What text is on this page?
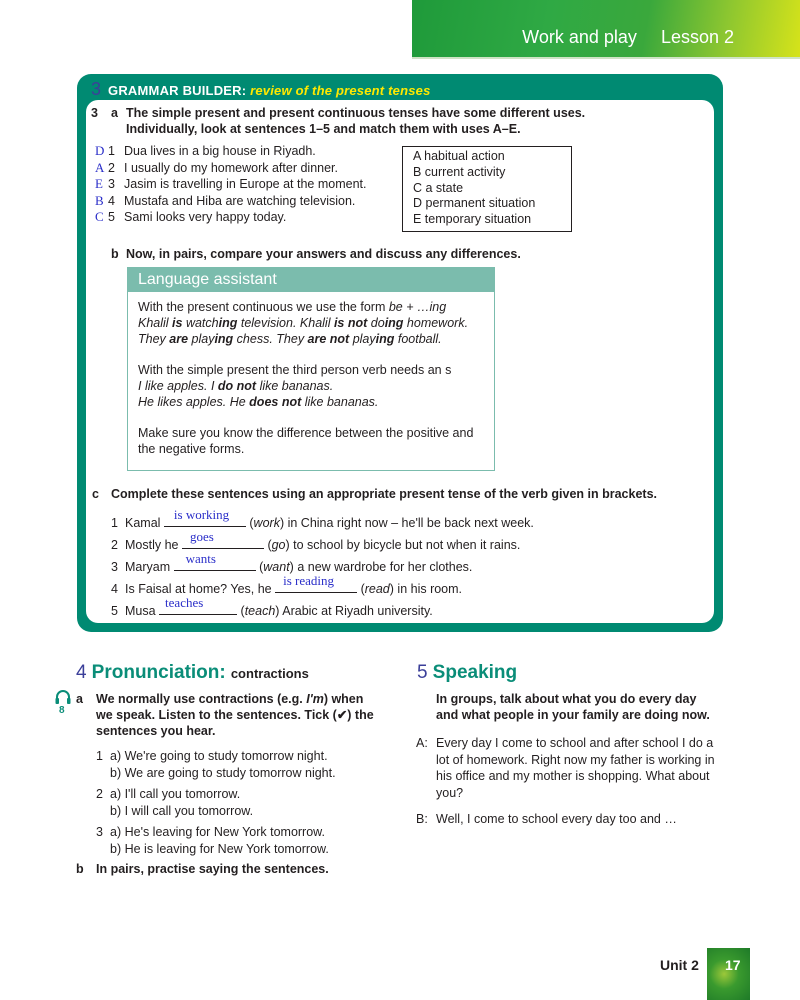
Work and play Lesson 2
3 GRAMMAR BUILDER: review of the present tenses
3 a The simple present and present continuous tenses have some different uses.
Individually, look at sentences 1–5 and match them with uses A–E.
D 1 Dua lives in a big house in Riyadh.
A 2 I usually do my homework after dinner.
E 3 Jasim is travelling in Europe at the moment.
B 4 Mustafa and Hiba are watching television.
C 5 Sami looks very happy today.
A habitual action
B current activity
C a state
D permanent situation
E temporary situation
b Now, in pairs, compare your answers and discuss any differences.
Language assistant

With the present continuous we use the form be + …ing
Khalil is watching television. Khalil is not doing homework.
They are playing chess. They are not playing football.

With the simple present the third person verb needs an s
I like apples. I do not like bananas.
He likes apples. He does not like bananas.

Make sure you know the difference between the positive and the negative forms.

c Complete these sentences using an appropriate present tense of the verb given in brackets.
1 Kamal
is working
(work) in China right now – he'll be back next week.
2 Mostly he
goes
(go) to school by bicycle but not when it rains.
3 Maryam
wants
(want) a new wardrobe for her clothes.
4 Is Faisal at home? Yes, he
is reading
(read) in his room.
5 Musa
teaches
(teach) Arabic at Riyadh university.
4 Pronunciation: contractions
8
a We normally use contractions (e.g. I'm) when
we speak. Listen to the sentences. Tick (✔) the
sentences you hear.
1 a) We're going to study tomorrow night.
b) We are going to study tomorrow night.
2 a) I'll call you tomorrow.
b) I will call you tomorrow.
3 a) He's leaving for New York tomorrow.
b) He is leaving for New York tomorrow.
b In pairs, practise saying the sentences.
5 Speaking
In groups, talk about what you do every day
and what people in your family are doing now.
A: Every day I come to school and after school I do a
lot of homework. Right now my father is working in
his office and my mother is shopping. What about
you?
B: Well, I come to school every day too and …
Unit 2 17
